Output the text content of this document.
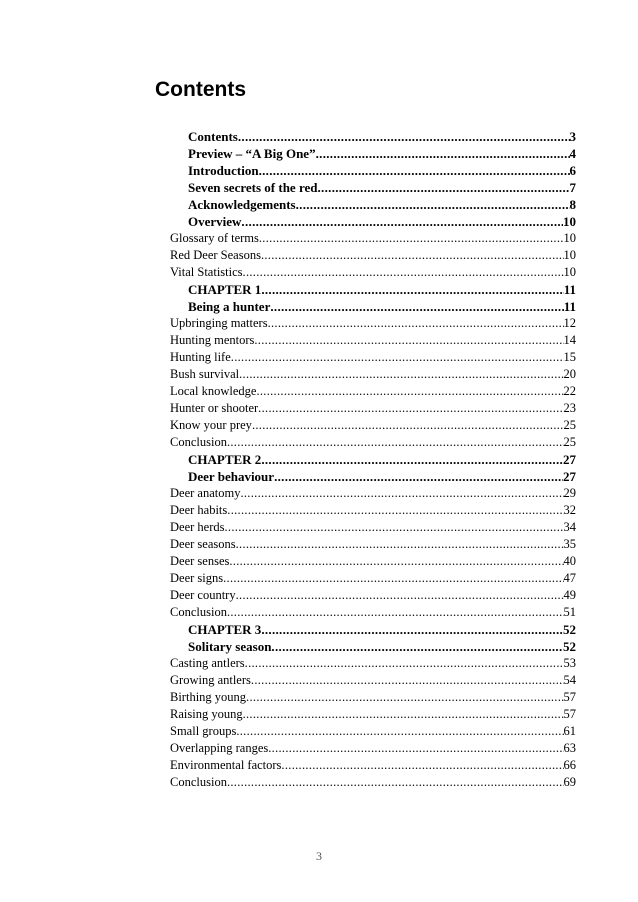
Contents
Contents .....	3
Preview – “A Big One” .....	4
Introduction .....	6
Seven secrets of the red .....	7
Acknowledgements .....	8
Overview .....	10
Glossary of terms .....	10
Red Deer Seasons .....	10
Vital Statistics .....	10
CHAPTER 1 .....	11
Being a hunter .....	11
Upbringing matters .....	12
Hunting mentors .....	14
Hunting life .....	15
Bush survival .....	20
Local knowledge .....	22
Hunter or shooter .....	23
Know your prey .....	25
Conclusion .....	25
CHAPTER 2 .....	27
Deer behaviour .....	27
Deer anatomy .....	29
Deer habits .....	32
Deer herds .....	34
Deer seasons .....	35
Deer senses .....	40
Deer signs .....	47
Deer country .....	49
Conclusion .....	51
CHAPTER 3 .....	52
Solitary season .....	52
Casting antlers .....	53
Growing antlers .....	54
Birthing young .....	57
Raising young .....	57
Small groups .....	61
Overlapping ranges .....	63
Environmental factors .....	66
Conclusion .....	69
3
